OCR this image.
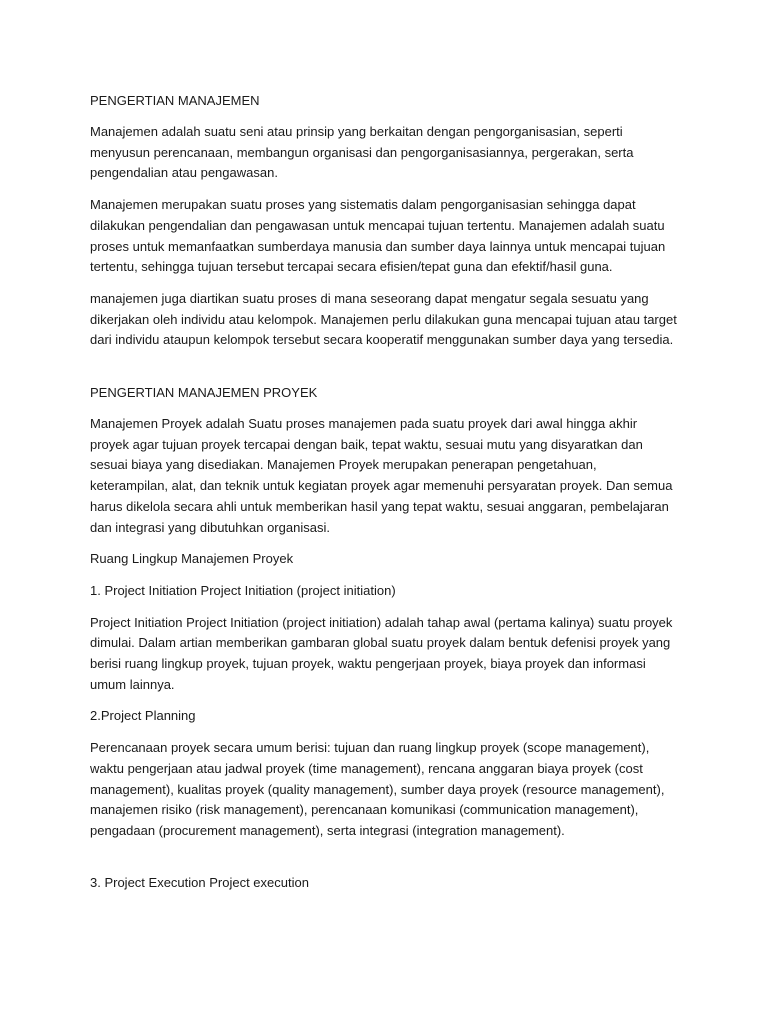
PENGERTIAN MANAJEMEN

Manajemen adalah suatu seni atau prinsip yang berkaitan dengan pengorganisasian, seperti menyusun perencanaan, membangun organisasi dan pengorganisasiannya, pergerakan, serta pengendalian atau pengawasan.

Manajemen merupakan suatu proses yang sistematis dalam pengorganisasian sehingga dapat dilakukan pengendalian dan pengawasan untuk mencapai tujuan tertentu. Manajemen adalah suatu proses untuk memanfaatkan sumberdaya manusia dan sumber daya lainnya untuk mencapai tujuan tertentu, sehingga tujuan tersebut tercapai secara efisien/tepat guna dan efektif/hasil guna.

manajemen juga diartikan suatu proses di mana seseorang dapat mengatur segala sesuatu yang dikerjakan oleh individu atau kelompok. Manajemen perlu dilakukan guna mencapai tujuan atau target dari individu ataupun kelompok tersebut secara kooperatif menggunakan sumber daya yang tersedia.

PENGERTIAN MANAJEMEN PROYEK

Manajemen Proyek adalah Suatu proses manajemen pada suatu proyek dari awal hingga akhir proyek agar tujuan proyek tercapai dengan baik, tepat waktu, sesuai mutu yang disyaratkan dan sesuai biaya yang disediakan. Manajemen Proyek merupakan penerapan pengetahuan, keterampilan, alat, dan teknik untuk kegiatan proyek agar memenuhi persyaratan proyek. Dan semua harus dikelola secara ahli untuk memberikan hasil yang tepat waktu, sesuai anggaran, pembelajaran dan integrasi yang dibutuhkan organisasi.

Ruang Lingkup Manajemen Proyek

1. Project Initiation Project Initiation (project initiation)

Project Initiation Project Initiation (project initiation) adalah tahap awal (pertama kalinya) suatu proyek dimulai. Dalam artian memberikan gambaran global suatu proyek dalam bentuk defenisi proyek yang berisi ruang lingkup proyek, tujuan proyek, waktu pengerjaan proyek, biaya proyek dan informasi umum lainnya.

2.Project Planning

Perencanaan proyek secara umum berisi: tujuan dan ruang lingkup proyek (scope management), waktu pengerjaan atau jadwal proyek (time management), rencana anggaran biaya proyek (cost management), kualitas proyek (quality management), sumber daya proyek (resource management), manajemen risiko (risk management), perencanaan komunikasi (communication management), pengadaan (procurement management), serta integrasi (integration management).

3. Project Execution Project execution
